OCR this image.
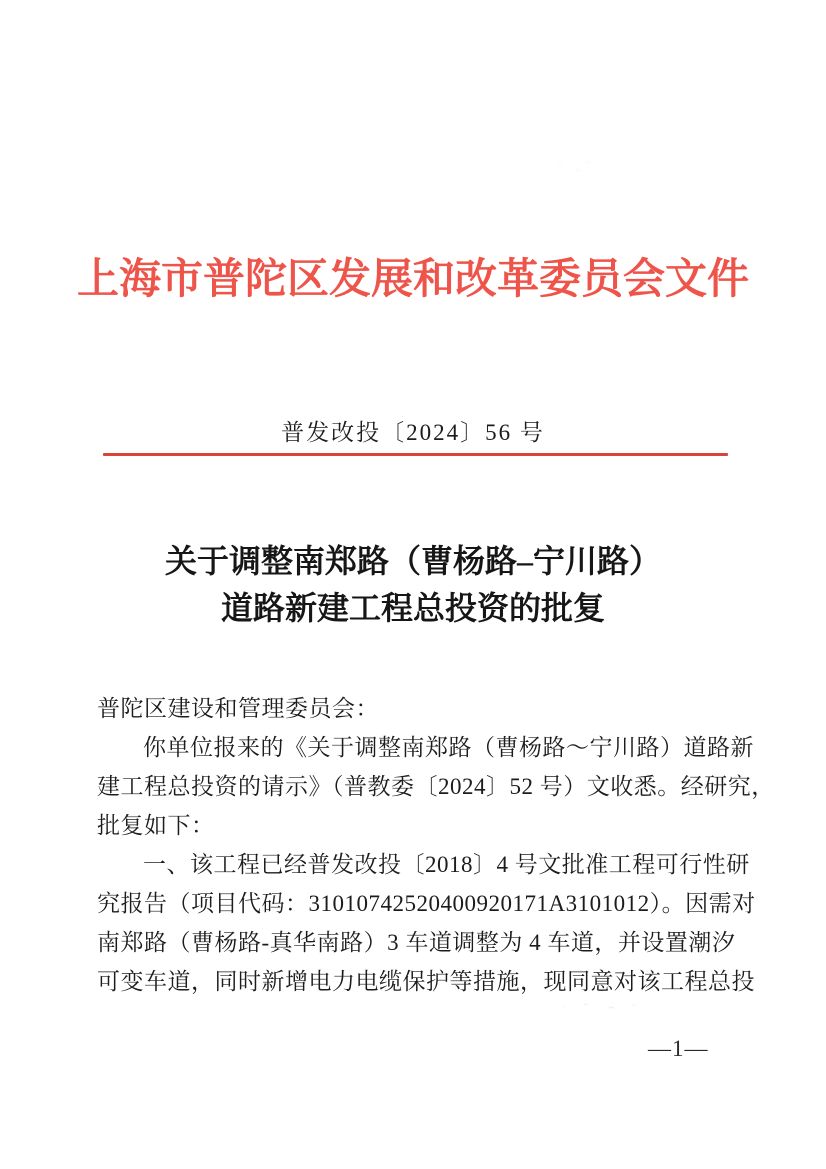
上海市普陀区发展和改革委员会文件
普发改投〔2024〕56 号
关于调整南郑路（曹杨路–宁川路）
道路新建工程总投资的批复
普陀区建设和管理委员会：
你单位报来的《关于调整南郑路（曹杨路～宁川路）道路新
建工程总投资的请示》（普教委〔2024〕52 号）文收悉。经研究，
批复如下：
一、该工程已经普发改投〔2018〕4 号文批准工程可行性研
究报告（项目代码：31010742520400920171A3101012）。因需对
南郑路（曹杨路-真华南路）3 车道调整为 4 车道，并设置潮汐
可变车道，同时新增电力电缆保护等措施，现同意对该工程总投
—1—
